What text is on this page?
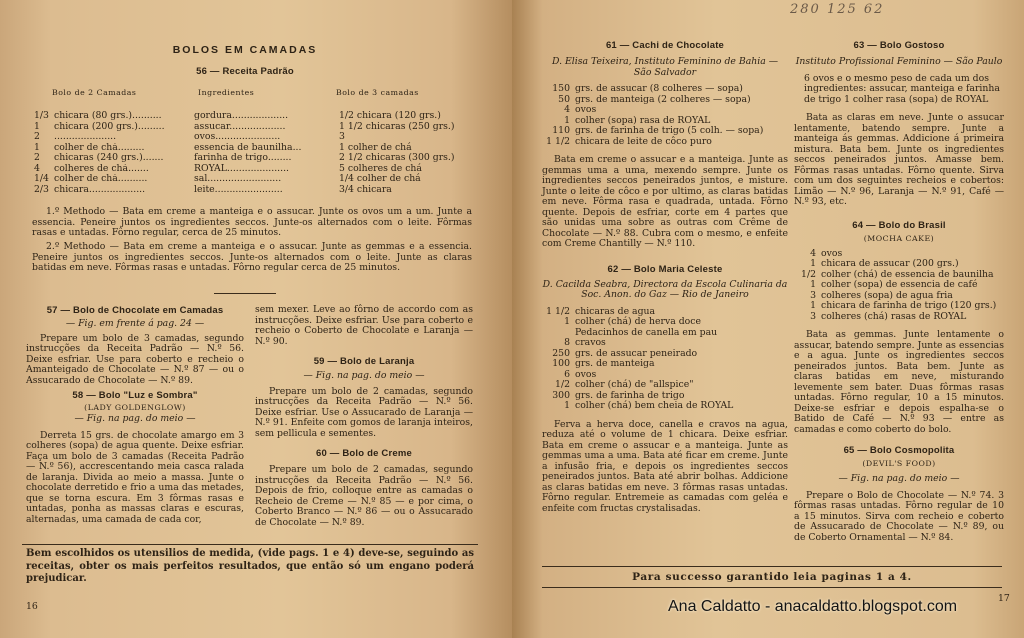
BOLOS EM CAMADAS
56 — Receita Padrão
Bolo de 2 Camadas	Ingredientes	Bolo de 3 camadas
1/3 chicara (80 grs.)..........	gordura...................	1/2 chicara (120 grs.)
1	chicara (200 grs.).........	assucar...................	1 1/2 chicaras (250 grs.)
2	.....................	ovos......................	3
1	colher de chá.........	essencia de baunilha...	1 colher de chá
2	chicaras (240 grs.).......	farinha de trigo........	2 1/2 chicaras (300 grs.)
4	colheres de chá.......	ROYAL.....................	5 colheres de chá
1/4 colher de chá..........	sal.........................	1/4 colher de chá
2/3 chicara...................	leite.......................	3/4 chicara

1.º Methodo — Bata em creme a manteiga e o assucar. Junte os ovos um a um. Junte a essencia. Peneire juntos os ingredientes seccos. Junte-os alternados com o leite. Fôrmas rasas e untadas. Fôrno regular, cerca de 25 minutos.

2.º Methodo — Bata em creme a manteiga e o assucar. Junte as gemmas e a essencia. Peneire juntos os ingredientes seccos. Junte-os alternados com o leite. Junte as claras batidas em neve. Fôrmas rasas e untadas. Fôrno regular cerca de 25 minutos.

57 — Bolo de Chocolate em Camadas
— Fig. em frente á pag. 24 —

Prepare um bolo de 3 camadas, segundo instrucções da Receita Padrão — N.º 56. Deixe esfriar. Use para coberto e recheio o Amanteigado de Chocolate — N.º 87 — ou o Assucarado de Chocolate — N.º 89.

58 — Bolo "Luz e Sombra"
(LADY GOLDENGLOW)
— Fig. na pag. do meio —

Derreta 15 grs. de chocolate amargo em 3 colheres (sopa) de agua quente. Deixe esfriar. Faça um bolo de 3 camadas (Receita Padrão — N.º 56), accrescentando meia casca ralada de laranja. Divida ao meio a massa. Junte o chocolate derretido e frio a uma das metades, que se torna escura. Em 3 fôrmas rasas e untadas, ponha as massas claras e escuras, alternadas, uma camada de cada cor,

sem mexer. Leve ao fôrno de accordo com as instrucções. Deixe esfriar. Use para coberto e recheio o Coberto de Chocolate e Laranja — N.º 90.

59 — Bolo de Laranja
— Fig. na pag. do meio —

Prepare um bolo de 2 camadas, segundo instrucções da Receita Padrão — N.º 56. Deixe esfriar. Use o Assucarado de Laranja — N.º 91. Enfeite com gomos de laranja inteiros, sem pellicula e sementes.

60 — Bolo de Creme

Prepare um bolo de 2 camadas, segundo instrucções da Receita Padrão — N.º 56. Depois de frio, colloque entre as camadas o Recheio de Creme — N.º 85 — e por cima, o Coberto Branco — N.º 86 — ou o Assucarado de Chocolate — N.º 89.

Bem escolhidos os utensilios de medida, (vide pags. 1 e 4) deve-se, seguindo as receitas, obter os mais perfeitos resultados, que então só um engano poderá prejudicar.

16
280 125 62
61 — Cachi de Chocolate

D. Elisa Teixeira, Instituto Feminino de Bahia — São Salvador

150 grs. de assucar (8 colheres — sopa)
50 grs. de manteiga (2 colheres — sopa)
4 ovos
1 colher (sopa) rasa de ROYAL
110 grs. de farinha de trigo (5 colh. — sopa)
1 1/2 chicara de leite de côco puro

Bata em creme o assucar e a manteiga. Junte as gemmas uma a uma, mexendo sempre. Junte os ingredientes seccos peneirados juntos, e misture. Junte o leite de côco e por ultimo, as claras batidas em neve. Fôrma rasa e quadrada, untada. Fôrno quente. Depois de esfriar, corte em 4 partes que são unidas uma sobre as outras com Crême de Chocolate — N.º 88. Cubra com o mesmo, e enfeite com Creme Chantilly — N.º 110.

62 — Bolo Maria Celeste

D. Cacilda Seabra, Directora da Escola Culinaria da Soc. Anon. do Gaz — Rio de Janeiro

1 1/2 chicaras de agua
1 colher (chá) de herva doce
Pedacinhos de canella em pau
8 cravos
250 grs. de assucar peneirado
100 grs. de manteiga
6 ovos
1/2 colher (chá) de "allspice"
300 grs. de farinha de trigo
1 colher (chá) bem cheia de ROYAL

Ferva a herva doce, canella e cravos na agua, reduza até o volume de 1 chicara. Deixe esfriar. Bata em creme o assucar e a manteiga. Junte as gemmas uma a uma. Bata até ficar em creme. Junte a infusão fria, e depois os ingredientes seccos peneirados juntos. Bata até abrir bolhas. Addicione as claras batidas em neve. 3 fôrmas rasas untadas. Fôrno regular. Entremeie as camadas com geléa e enfeite com fructas crystalisadas.

63 — Bolo Gostoso

Instituto Profissional Feminino — São Paulo

6 ovos e o mesmo peso de cada um dos ingredientes: assucar, manteiga e farinha de trigo 1 colher rasa (sopa) de ROYAL

Bata as claras em neve. Junte o assucar lentamente, batendo sempre. Junte a manteiga ás gemmas. Addicione á primeira mistura. Bata bem. Junte os ingredientes seccos peneirados juntos. Amasse bem. Fôrmas rasas untadas. Fôrno quente. Sirva com um dos seguintes recheios e cobertos: Limão — N.º 96, Laranja — N.º 91, Café — N.º 93, etc.

64 — Bolo do Brasil
(MOCHA CAKE)
4 ovos
1 chicara de assucar (200 grs.)
1/2 colher (chá) de essencia de baunilha
1 colher (sopa) de essencia de café
3 colheres (sopa) de agua fria
1 chicara de farinha de trigo (120 grs.)
3 colheres (chá) rasas de ROYAL

Bata as gemmas. Junte lentamente o assucar, batendo sempre. Junte as essencias e a agua. Junte os ingredientes seccos peneirados juntos. Bata bem. Junte as claras batidas em neve, misturando levemente sem bater. Duas fôrmas rasas untadas. Fôrno regular, 10 a 15 minutos. Deixe-se esfriar e depois espalha-se o Batido de Café — N.º 93 — entre as camadas e como coberto do bolo.

65 — Bolo Cosmopolita
(DEVIL'S FOOD)
— Fig. na pag. do meio —

Prepare o Bolo de Chocolate — N.º 74. 3 fôrmas rasas untadas. Fôrno regular de 10 a 15 minutos. Sirva com recheio e coberto de Assucarado de Chocolate — N.º 89, ou de Coberto Ornamental — N.º 84.

Para successo garantido leia paginas 1 a 4.
17
Ana Caldatto - anacaldatto.blogspot.com
